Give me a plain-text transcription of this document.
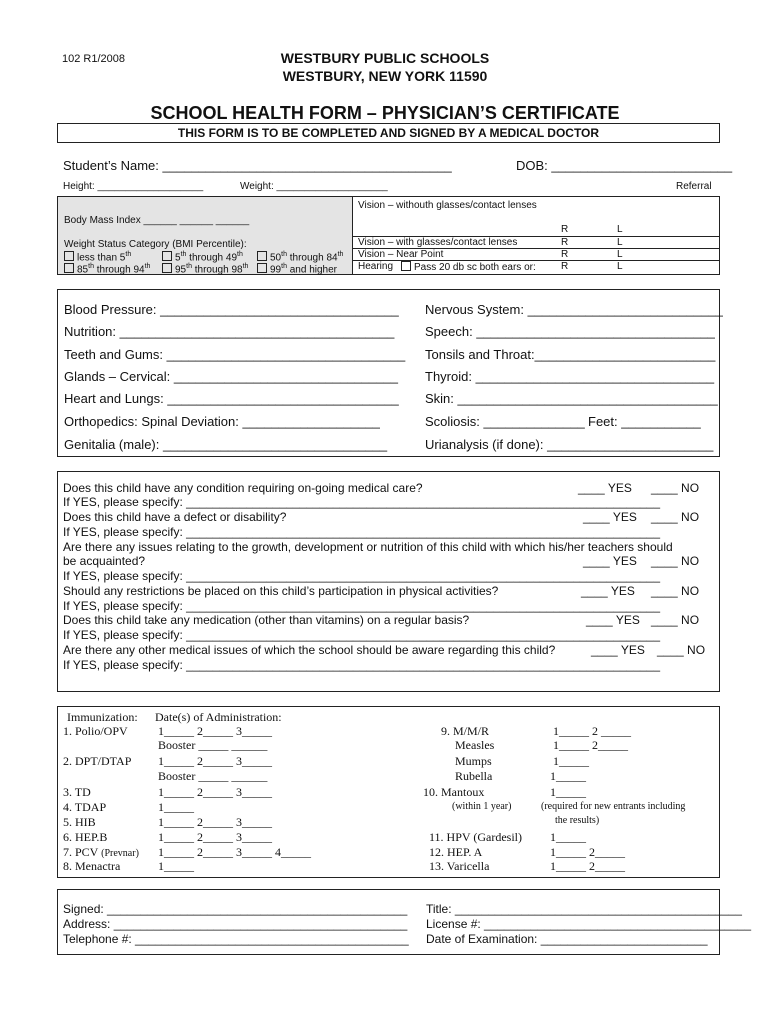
102 R1/2008	WESTBURY PUBLIC SCHOOLS
WESTBURY, NEW YORK 11590
SCHOOL HEALTH FORM – PHYSICIAN’S CERTIFICATE
THIS FORM IS TO BE COMPLETED AND SIGNED BY A MEDICAL DOCTOR
Student’s Name: ________________________________________	DOB: _________________________
Height: ___________________	Weight: ____________________	Referral
Body Mass Index ______ ______ ______
Weight Status Category (BMI Percentile):
less than 5th	5th through 49th	50th through 84th
85th through 94th	95th through 98th	99th and higher
Vision – withouth glasses/contact lenses
R	L
Vision – with glasses/contact lenses	R	L
Vision – Near Point	R	L
Hearing	Pass 20 db sc both ears or:	R	L
Blood Pressure: _________________________________ Nervous System: ___________________________
Nutrition: ______________________________________ Speech: _________________________________
Teeth and Gums: _________________________________ Tonsils and Throat:_________________________
Glands – Cervical: _______________________________ Thyroid: _________________________________
Heart and Lungs: ________________________________ Skin: ____________________________________
Orthopedics: Spinal Deviation: ___________________	Scoliosis: ______________ Feet: ___________
Genitalia (male): _______________________________	Urianalysis (if done): _______________________
Does this child have any condition requiring on-going medical care?	____ YES ____ NO
If YES, please specify: _______________________________________________________________________
Does this child have a defect or disability?	____ YES ____ NO
If YES, please specify: _______________________________________________________________________
Are there any issues relating to the growth, development or nutrition of this child with which his/her teachers should
be acquainted?	____ YES ____ NO
If YES, please specify: _______________________________________________________________________
Should any restrictions be placed on this child’s participation in physical activities?	____ YES ____ NO
If YES, please specify: _______________________________________________________________________
Does this child take any medication (other than vitamins) on a regular basis?	____ YES ____ NO
If YES, please specify: _______________________________________________________________________
Are there any other medical issues of which the school should be aware regarding this child?	____ YES ____ NO
If YES, please specify: _______________________________________________________________________
Immunization: Date(s) of Administration:
1. Polio/OPV	1_____ 2_____ 3_____
Booster _____ ______
2. DPT/DTAP 1_____ 2_____ 3_____
Booster _____ ______
3. TD	1_____ 2_____ 3_____
4. TDAP	1_____
5. HIB	1_____ 2_____ 3_____
6. HEP.B	1_____ 2_____ 3_____
7. PCV (Prevnar) 1_____ 2_____ 3_____ 4_____
8. Menactra	1_____
9. M/M/R	1_____ 2 _____
Measles	1_____ 2_____
Mumps	1_____
Rubella	1_____
10. Mantoux	1_____
(within 1 year)	(required for new entrants including
the results)
11. HPV (Gardesil) 1_____
12. HEP. A	1_____ 2_____
13. Varicella	1_____ 2_____
Signed: _____________________________________________
Address: ____________________________________________
Telephone #: _________________________________________
Title: ___________________________________________
License #: ________________________________________
Date of Examination: _________________________
